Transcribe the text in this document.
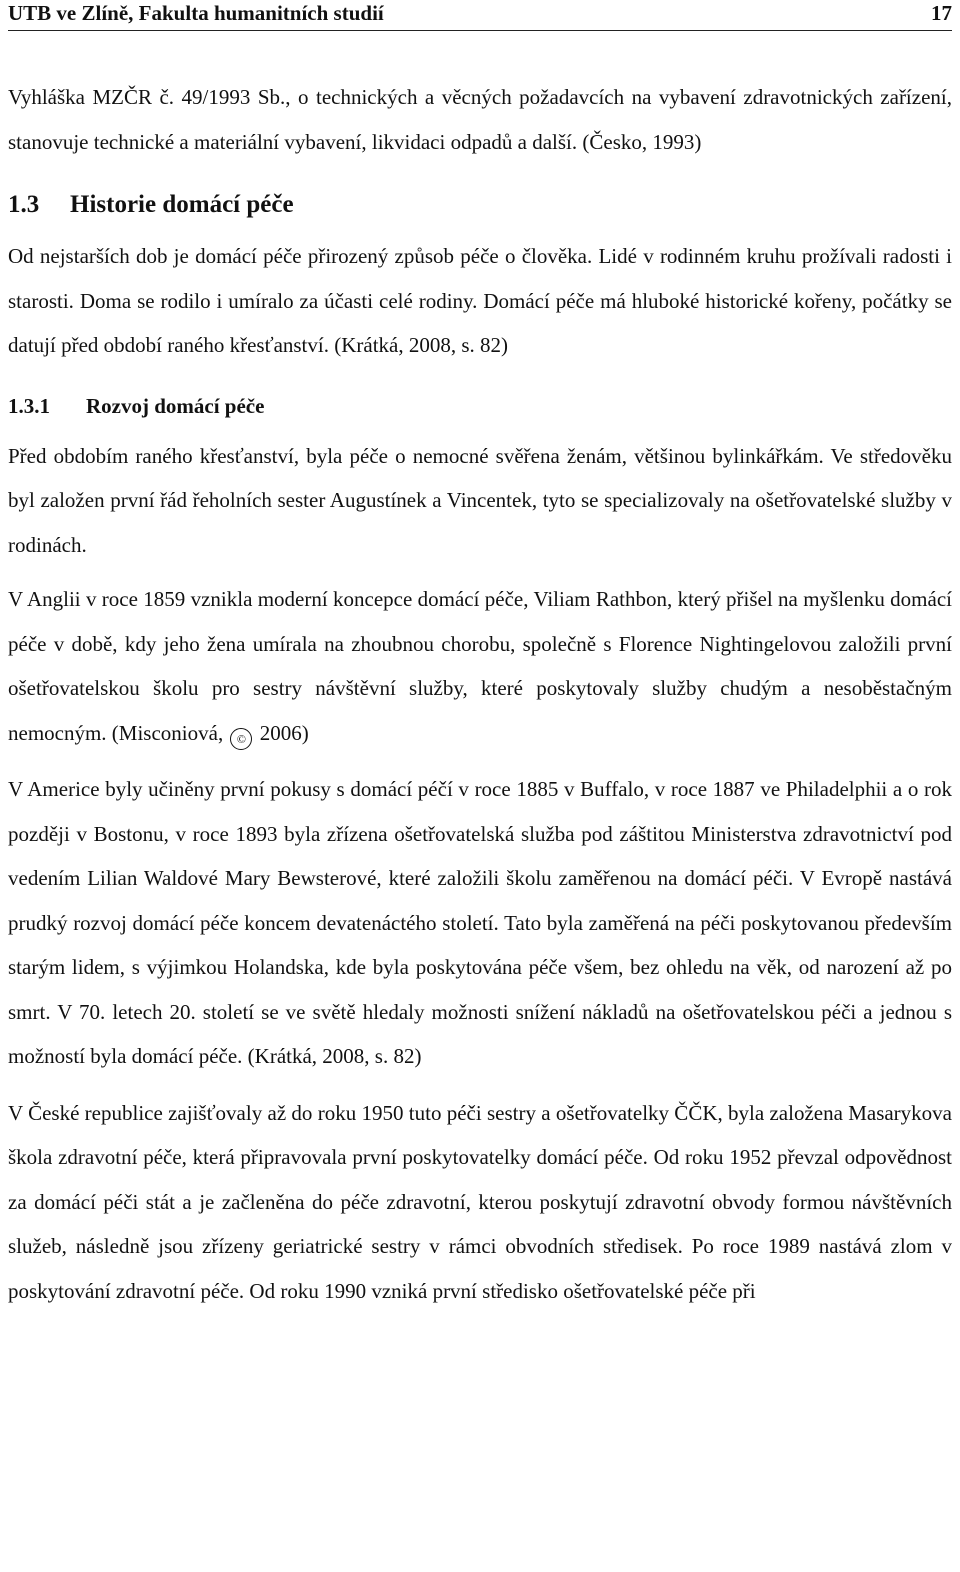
UTB ve Zlíně, Fakulta humanitních studií	17

Vyhláška MZČR č. 49/1993 Sb., o technických a věcných požadavcích na vybavení zdravotnických zařízení, stanovuje technické a materiální vybavení, likvidaci odpadů a další. (Česko, 1993)

1.3	Historie domácí péče

Od nejstarších dob je domácí péče přirozený způsob péče o člověka. Lidé v rodinném kruhu prožívali radosti i starosti. Doma se rodilo i umíralo za účasti celé rodiny. Domácí péče má hluboké historické kořeny, počátky se datují před období raného křesťanství. (Krátká, 2008, s. 82)

1.3.1	Rozvoj domácí péče

Před obdobím raného křesťanství, byla péče o nemocné svěřena ženám, většinou bylinkářkám. Ve středověku byl založen první řád řeholních sester Augustínek a Vincentek, tyto se specializovaly na ošetřovatelské služby v rodinách.

V Anglii v roce 1859 vznikla moderní koncepce domácí péče, Viliam Rathbon, který přišel na myšlenku domácí péče v době, kdy jeho žena umírala na zhoubnou chorobu, společně s Florence Nightingelovou založili první ošetřovatelskou školu pro sestry návštěvní služby, které poskytovaly služby chudým a nesoběstačným nemocným. (Misconiová, © 2006)

V Americe byly učiněny první pokusy s domácí péčí v roce 1885 v Buffalo, v roce 1887 ve Philadelphii a o rok později v Bostonu, v roce 1893 byla zřízena ošetřovatelská služba pod záštitou Ministerstva zdravotnictví pod vedením Lilian Waldové Mary Bewsterové, které založili školu zaměřenou na domácí péči. V Evropě nastává prudký rozvoj domácí péče koncem devatenáctého století. Tato byla zaměřená na péči poskytovanou především starým lidem, s výjimkou Holandska, kde byla poskytována péče všem, bez ohledu na věk, od narození až po smrt. V 70. letech 20. století se ve světě hledaly možnosti snížení nákladů na ošetřovatelskou péči a jednou s možností byla domácí péče. (Krátká, 2008, s. 82)

V České republice zajišťovaly až do roku 1950 tuto péči sestry a ošetřovatelky ČČK, byla založena Masarykova škola zdravotní péče, která připravovala první poskytovatelky domácí péče. Od roku 1952 převzal odpovědnost za domácí péči stát a je začleněna do péče zdravotní, kterou poskytují zdravotní obvody formou návštěvních služeb, následně jsou zřízeny geriatrické sestry v rámci obvodních středisek. Po roce 1989 nastává zlom v poskytování zdravotní péče. Od roku 1990 vzniká první středisko ošetřovatelské péče při
